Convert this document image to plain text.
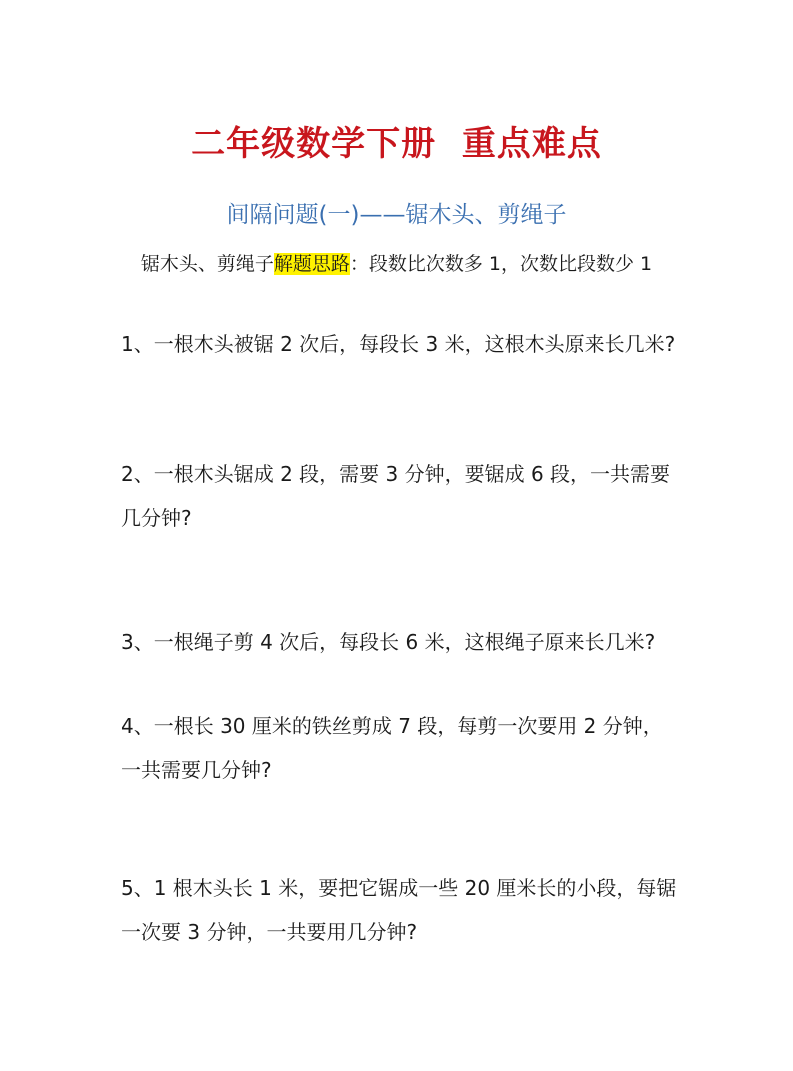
二年级数学下册  重点难点
间隔问题(一)——锯木头、剪绳子
锯木头、剪绳子解题思路：段数比次数多 1，次数比段数少 1
1、一根木头被锯 2 次后，每段长 3 米，这根木头原来长几米?
2、一根木头锯成 2 段，需要 3 分钟，要锯成 6 段，一共需要几分钟?
3、一根绳子剪 4 次后，每段长 6 米，这根绳子原来长几米?
4、一根长 30 厘米的铁丝剪成 7 段，每剪一次要用 2 分钟，一共需要几分钟?
5、1 根木头长 1 米，要把它锯成一些 20 厘米长的小段，每锯一次要 3 分钟，一共要用几分钟?
